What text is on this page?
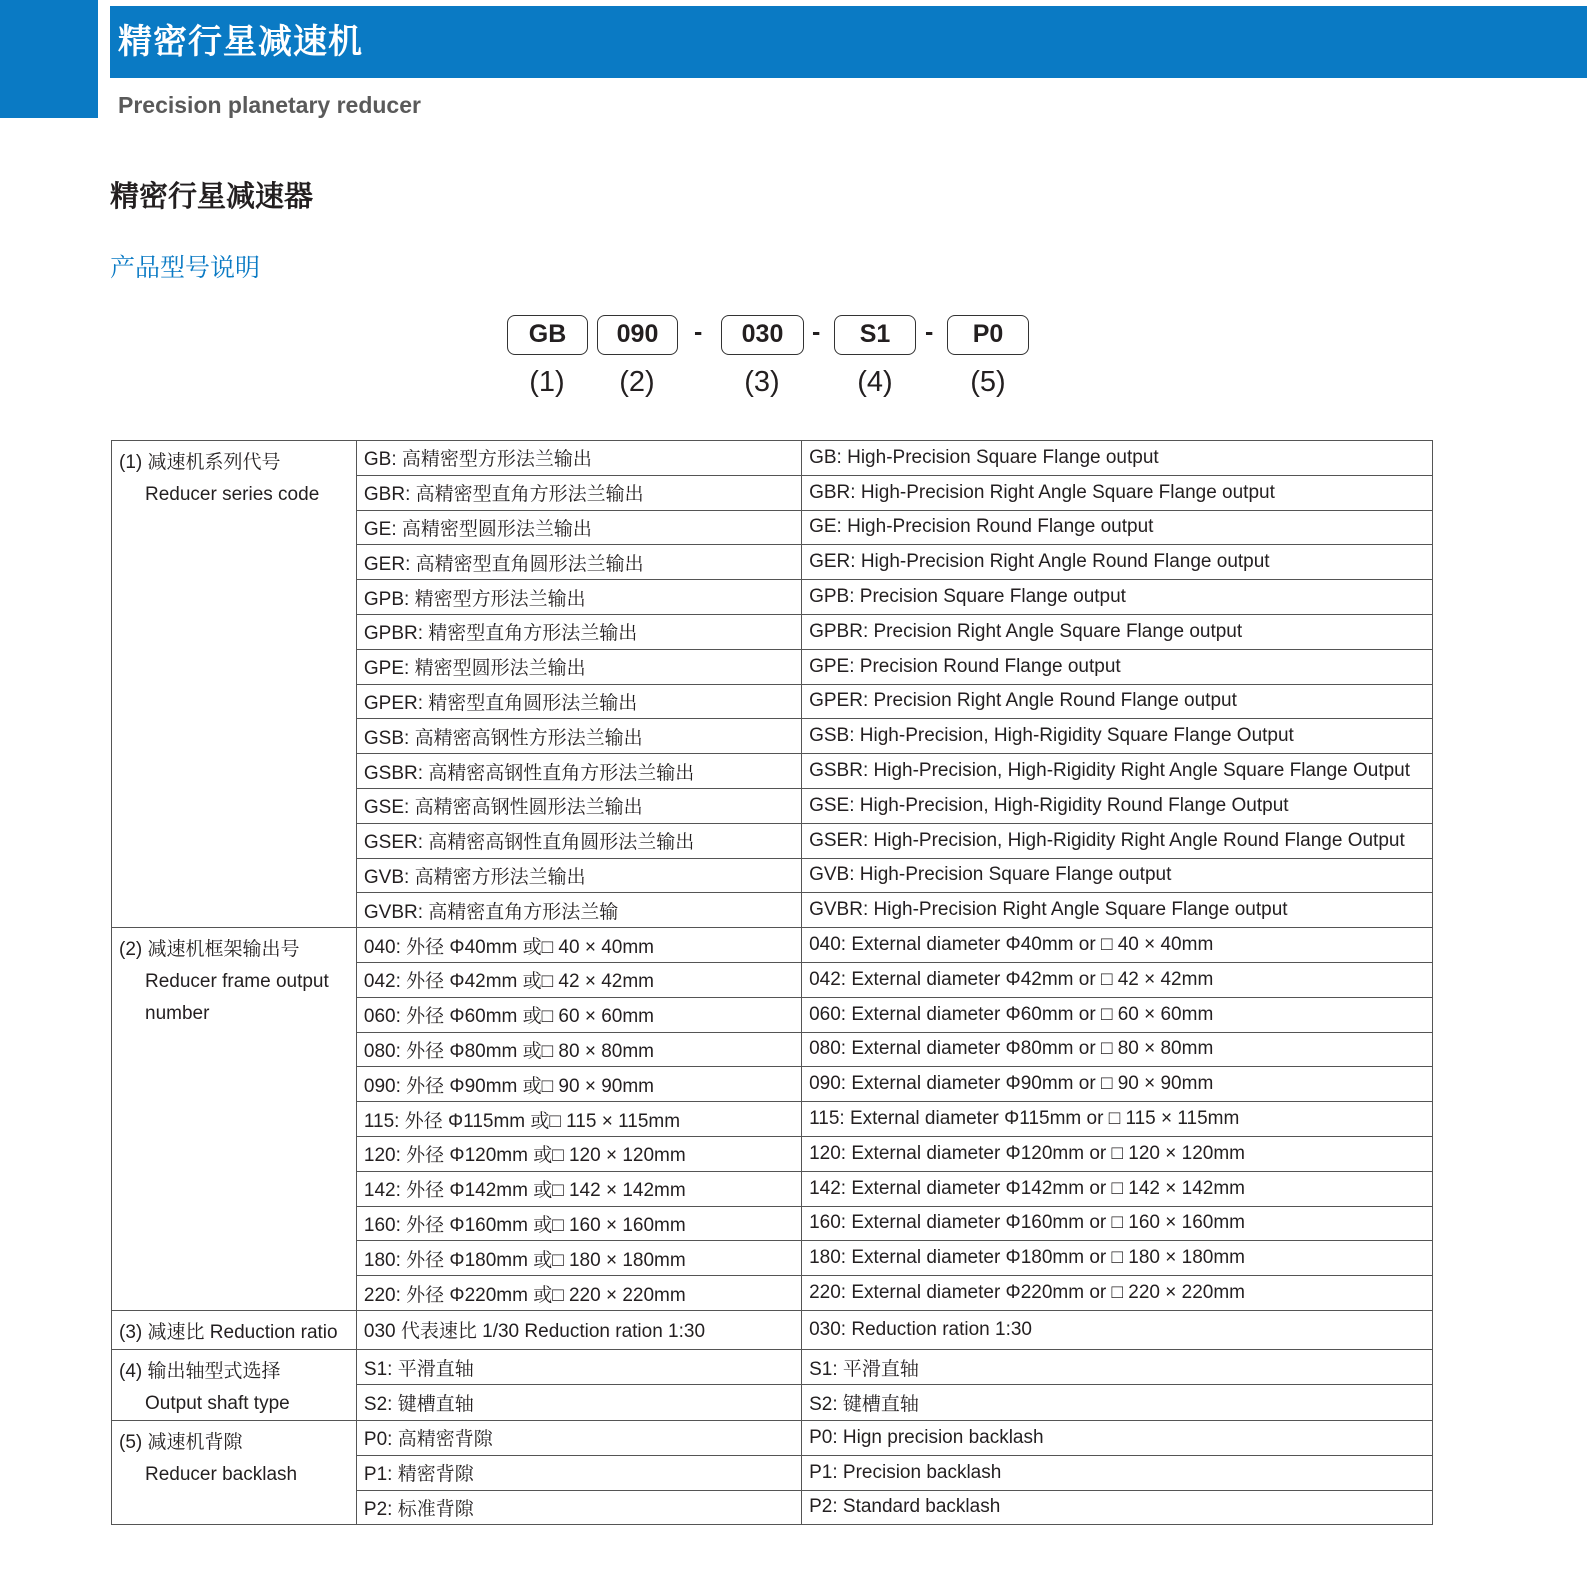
精密行星减速机
Precision planetary reducer
精密行星减速器
产品型号说明
GB	090	-	030	-	S1	-	P0
(1)	(2)	(3)	(4)	(5)
(1) 减速机系列代号
Reducer series code	GB: 高精密型方形法兰输出	GB: High-Precision Square Flange output
	GBR: 高精密型直角方形法兰输出	GBR: High-Precision Right Angle Square Flange output
	GE: 高精密型圆形法兰输出	GE: High-Precision Round Flange output
	GER: 高精密型直角圆形法兰输出	GER: High-Precision Right Angle Round Flange output
	GPB: 精密型方形法兰输出	GPB: Precision Square Flange output
	GPBR: 精密型直角方形法兰输出	GPBR: Precision Right Angle Square Flange output
	GPE: 精密型圆形法兰输出	GPE: Precision Round Flange output
	GPER: 精密型直角圆形法兰输出	GPER: Precision Right Angle Round Flange output
	GSB: 高精密高钢性方形法兰输出	GSB: High-Precision, High-Rigidity Square Flange Output
	GSBR: 高精密高钢性直角方形法兰输出	GSBR: High-Precision, High-Rigidity Right Angle Square Flange Output
	GSE: 高精密高钢性圆形法兰输出	GSE: High-Precision, High-Rigidity Round Flange Output
	GSER: 高精密高钢性直角圆形法兰输出	GSER: High-Precision, High-Rigidity Right Angle Round Flange Output
	GVB: 高精密方形法兰输出	GVB: High-Precision Square Flange output
	GVBR: 高精密直角方形法兰输	GVBR: High-Precision Right Angle Square Flange output
(2) 减速机框架输出号
Reducer frame output
number	040: 外径 Φ40mm 或□ 40 × 40mm	040: External diameter Φ40mm or □ 40 × 40mm
	042: 外径 Φ42mm 或□ 42 × 42mm	042: External diameter Φ42mm or □ 42 × 42mm
	060: 外径 Φ60mm 或□ 60 × 60mm	060: External diameter Φ60mm or □ 60 × 60mm
	080: 外径 Φ80mm 或□ 80 × 80mm	080: External diameter Φ80mm or □ 80 × 80mm
	090: 外径 Φ90mm 或□ 90 × 90mm	090: External diameter Φ90mm or □ 90 × 90mm
	115: 外径 Φ115mm 或□ 115 × 115mm	115: External diameter Φ115mm or □ 115 × 115mm
	120: 外径 Φ120mm 或□ 120 × 120mm	120: External diameter Φ120mm or □ 120 × 120mm
	142: 外径 Φ142mm 或□ 142 × 142mm	142: External diameter Φ142mm or □ 142 × 142mm
	160: 外径 Φ160mm 或□ 160 × 160mm	160: External diameter Φ160mm or □ 160 × 160mm
	180: 外径 Φ180mm 或□ 180 × 180mm	180: External diameter Φ180mm or □ 180 × 180mm
	220: 外径 Φ220mm 或□ 220 × 220mm	220: External diameter Φ220mm or □ 220 × 220mm
(3) 减速比 Reduction ratio	030 代表速比 1/30 Reduction ration 1:30	030: Reduction ration 1:30
(4) 输出轴型式选择
Output shaft type	S1: 平滑直轴	S1: 平滑直轴
	S2: 键槽直轴	S2: 键槽直轴
(5) 减速机背隙
Reducer backlash	P0: 高精密背隙	P0: Hign precision backlash
	P1: 精密背隙	P1: Precision backlash
	P2: 标准背隙	P2: Standard backlash
